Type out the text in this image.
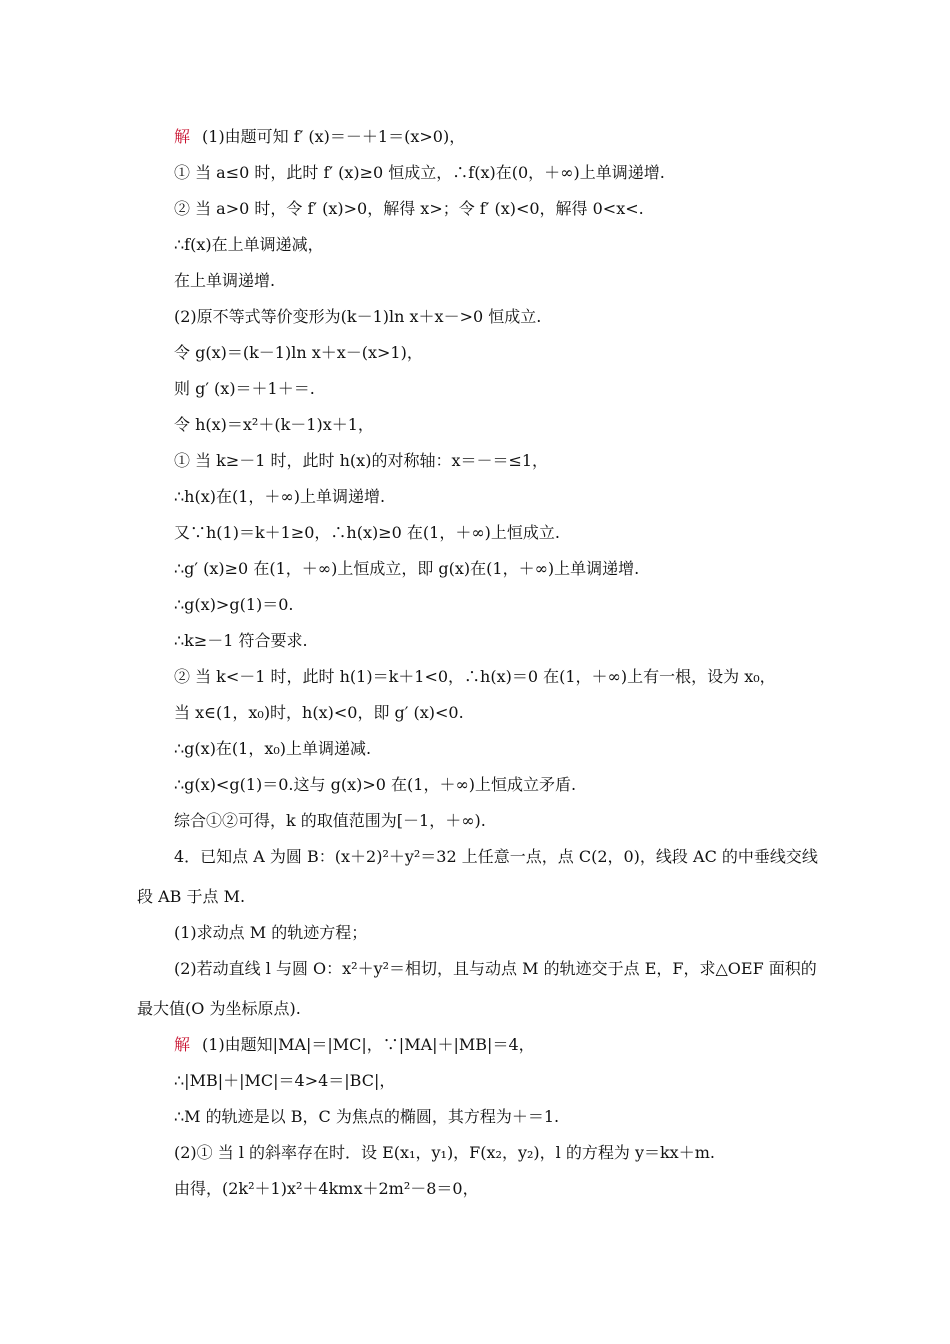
解 (1)由题可知 f′ (x)＝－＋1＝(x>0)，
① 当 a≤0 时，此时 f′ (x)≥0 恒成立，∴f(x)在(0，＋∞)上单调递增.
② 当 a>0 时，令 f′ (x)>0，解得 x>；令 f′ (x)<0，解得 0<x<.
∴f(x)在上单调递减，
在上单调递增.
(2)原不等式等价变形为(k－1)ln x＋x－>0 恒成立.
令 g(x)＝(k－1)ln x＋x－(x>1)，
则 g′ (x)＝＋1＋＝.
令 h(x)＝x²＋(k－1)x＋1，
① 当 k≥－1 时，此时 h(x)的对称轴：x＝－＝≤1，
∴h(x)在(1，＋∞)上单调递增.
又∵h(1)＝k＋1≥0，∴h(x)≥0 在(1，＋∞)上恒成立.
∴g′ (x)≥0 在(1，＋∞)上恒成立，即 g(x)在(1，＋∞)上单调递增.
∴g(x)>g(1)＝0.
∴k≥－1 符合要求.
② 当 k<－1 时，此时 h(1)＝k＋1<0，∴h(x)＝0 在(1，＋∞)上有一根，设为 x₀，
当 x∈(1，x₀)时，h(x)<0，即 g′ (x)<0.
∴g(x)在(1，x₀)上单调递减.
∴g(x)<g(1)＝0.这与 g(x)>0 在(1，＋∞)上恒成立矛盾.
综合①②可得，k 的取值范围为[－1，＋∞).
4．已知点 A 为圆 B：(x＋2)²＋y²＝32 上任意一点，点 C(2，0)，线段 AC 的中垂线交线
段 AB 于点 M.
(1)求动点 M 的轨迹方程；
(2)若动直线 l 与圆 O：x²＋y²＝相切，且与动点 M 的轨迹交于点 E，F，求△OEF 面积的
最大值(O 为坐标原点).
解 (1)由题知|MA|＝|MC|，∵|MA|＋|MB|＝4，
∴|MB|＋|MC|＝4>4＝|BC|，
∴M 的轨迹是以 B，C 为焦点的椭圆，其方程为＋＝1.
(2)① 当 l 的斜率存在时．设 E(x₁，y₁)，F(x₂，y₂)，l 的方程为 y＝kx＋m.
由得，(2k²＋1)x²＋4kmx＋2m²－8＝0，
